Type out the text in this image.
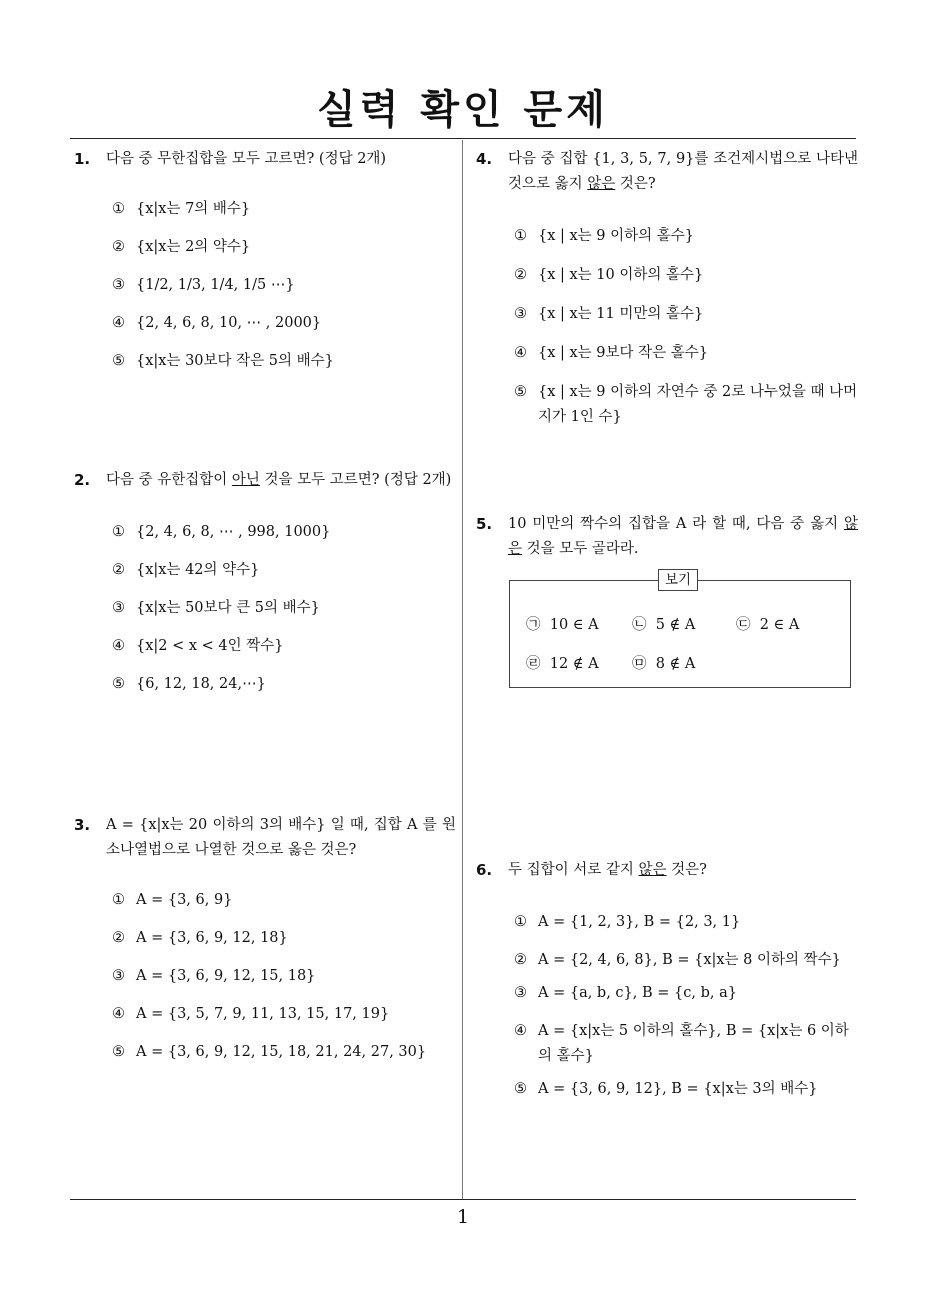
실력 확인 문제
1
1.	다음 중 무한집합을 모두 고르면? (정답 2개)
① {x|x는 7의 배수}
② {x|x는 2의 약수}
③ {1/2, 1/3, 1/4, 1/5 ⋯}
④ {2, 4, 6, 8, 10, ⋯ , 2000}
⑤ {x|x는 30보다 작은 5의 배수}
2.	다음 중 유한집합이 아닌 것을 모두 고르면? (정답 2개)
① {2, 4, 6, 8, ⋯ , 998, 1000}
② {x|x는 42의 약수}
③ {x|x는 50보다 큰 5의 배수}
④ {x|2 < x < 4인 짝수}
⑤ {6, 12, 18, 24,⋯}
3.	A = {x|x는 20 이하의 3의 배수} 일 때, 집합 A 를 원소나열법으로 나열한 것으로 옳은 것은?
① A = {3, 6, 9}
② A = {3, 6, 9, 12, 18}
③ A = {3, 6, 9, 12, 15, 18}
④ A = {3, 5, 7, 9, 11, 13, 15, 17, 19}
⑤ A = {3, 6, 9, 12, 15, 18, 21, 24, 27, 30}
4.	다음 중 집합 {1, 3, 5, 7, 9}를 조건제시법으로 나타낸 것으로 옳지 않은 것은?
① {x | x는 9 이하의 홀수}
② {x | x는 10 이하의 홀수}
③ {x | x는 11 미만의 홀수}
④ {x | x는 9보다 작은 홀수}
⑤ {x | x는 9 이하의 자연수 중 2로 나누었을 때 나머지가 1인 수}
5.	10 미만의 짝수의 집합을 A 라 할 때, 다음 중 옳지 않은 것을 모두 골라라.
보기
㉠ 10 ∈ A ㉡ 5 ∉ A	㉢ 2 ∈ A
㉣ 12 ∉ A ㉤ 8 ∉ A
6.	두 집합이 서로 같지 않은 것은?
① A = {1, 2, 3}, B = {2, 3, 1}
② A = {2, 4, 6, 8}, B = {x|x는 8 이하의 짝수}
③ A = {a, b, c}, B = {c, b, a}
④ A = {x|x는 5 이하의 홀수}, B = {x|x는 6 이하의 홀수}
⑤ A = {3, 6, 9, 12}, B = {x|x는 3의 배수}
